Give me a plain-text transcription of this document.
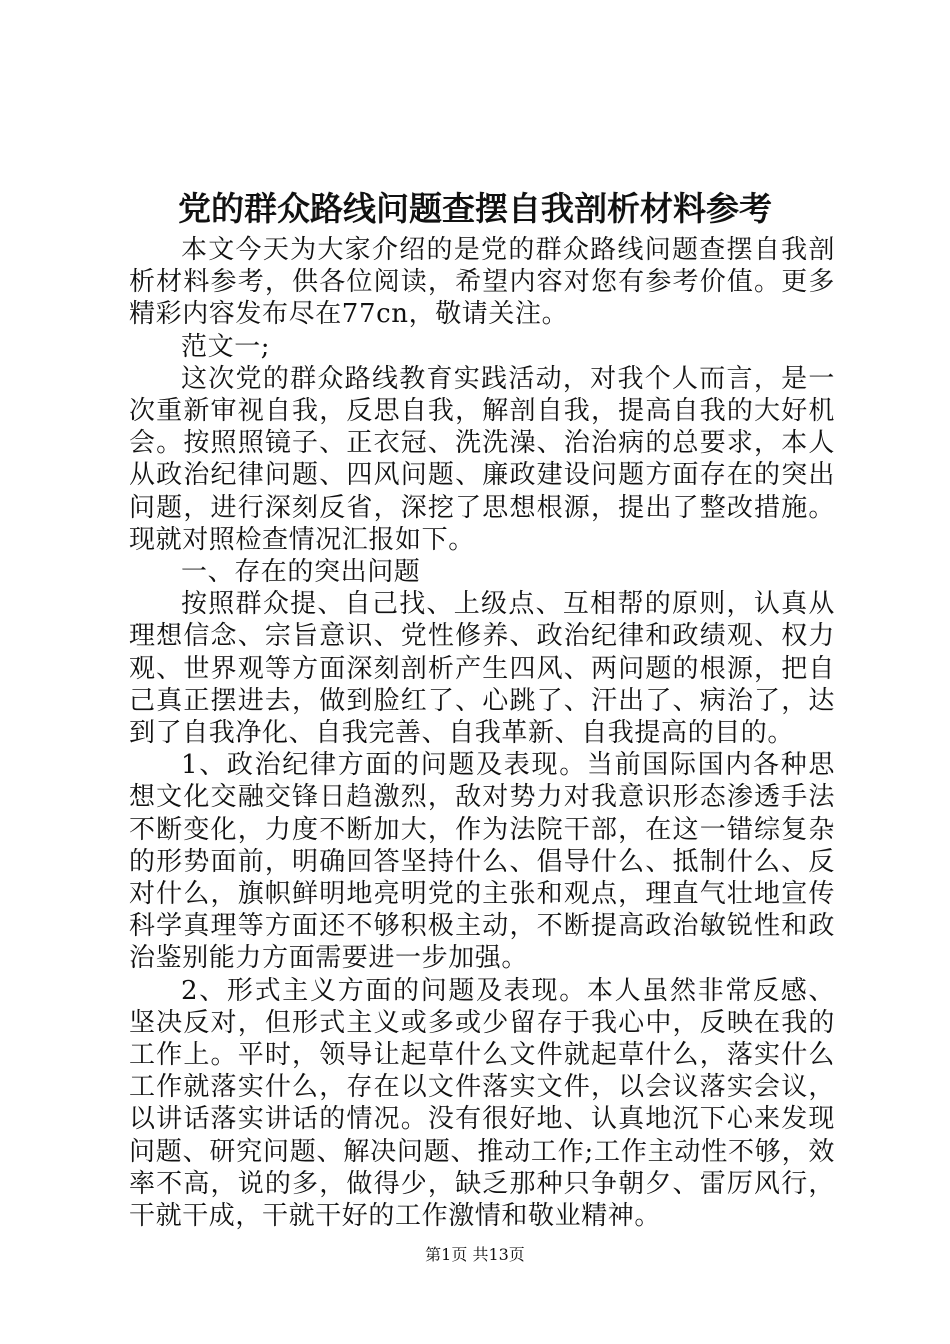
党的群众路线问题查摆自我剖析材料参考

本文今天为大家介绍的是党的群众路线问题查摆自我剖析材料参考，供各位阅读，希望内容对您有参考价值。更多精彩内容发布尽在77cn，敬请关注。

范文一;

这次党的群众路线教育实践活动，对我个人而言，是一次重新审视自我，反思自我，解剖自我，提高自我的大好机会。按照照镜子、正衣冠、洗洗澡、治治病的总要求，本人从政治纪律问题、四风问题、廉政建设问题方面存在的突出问题，进行深刻反省，深挖了思想根源，提出了整改措施。现就对照检查情况汇报如下。

一、存在的突出问题

按照群众提、自己找、上级点、互相帮的原则，认真从理想信念、宗旨意识、党性修养、政治纪律和政绩观、权力观、世界观等方面深刻剖析产生四风、两问题的根源，把自己真正摆进去，做到脸红了、心跳了、汗出了、病治了，达到了自我净化、自我完善、自我革新、自我提高的目的。

1、政治纪律方面的问题及表现。当前国际国内各种思想文化交融交锋日趋激烈，敌对势力对我意识形态渗透手法不断变化，力度不断加大，作为法院干部，在这一错综复杂的形势面前，明确回答坚持什么、倡导什么、抵制什么、反对什么，旗帜鲜明地亮明党的主张和观点，理直气壮地宣传科学真理等方面还不够积极主动，不断提高政治敏锐性和政治鉴别能力方面需要进一步加强。

2、形式主义方面的问题及表现。本人虽然非常反感、坚决反对，但形式主义或多或少留存于我心中，反映在我的工作上。平时，领导让起草什么文件就起草什么，落实什么工作就落实什么，存在以文件落实文件，以会议落实会议，以讲话落实讲话的情况。没有很好地、认真地沉下心来发现问题、研究问题、解决问题、推动工作;工作主动性不够，效率不高，说的多，做得少，缺乏那种只争朝夕、雷厉风行，干就干成，干就干好的工作激情和敬业精神。

第1页 共13页
